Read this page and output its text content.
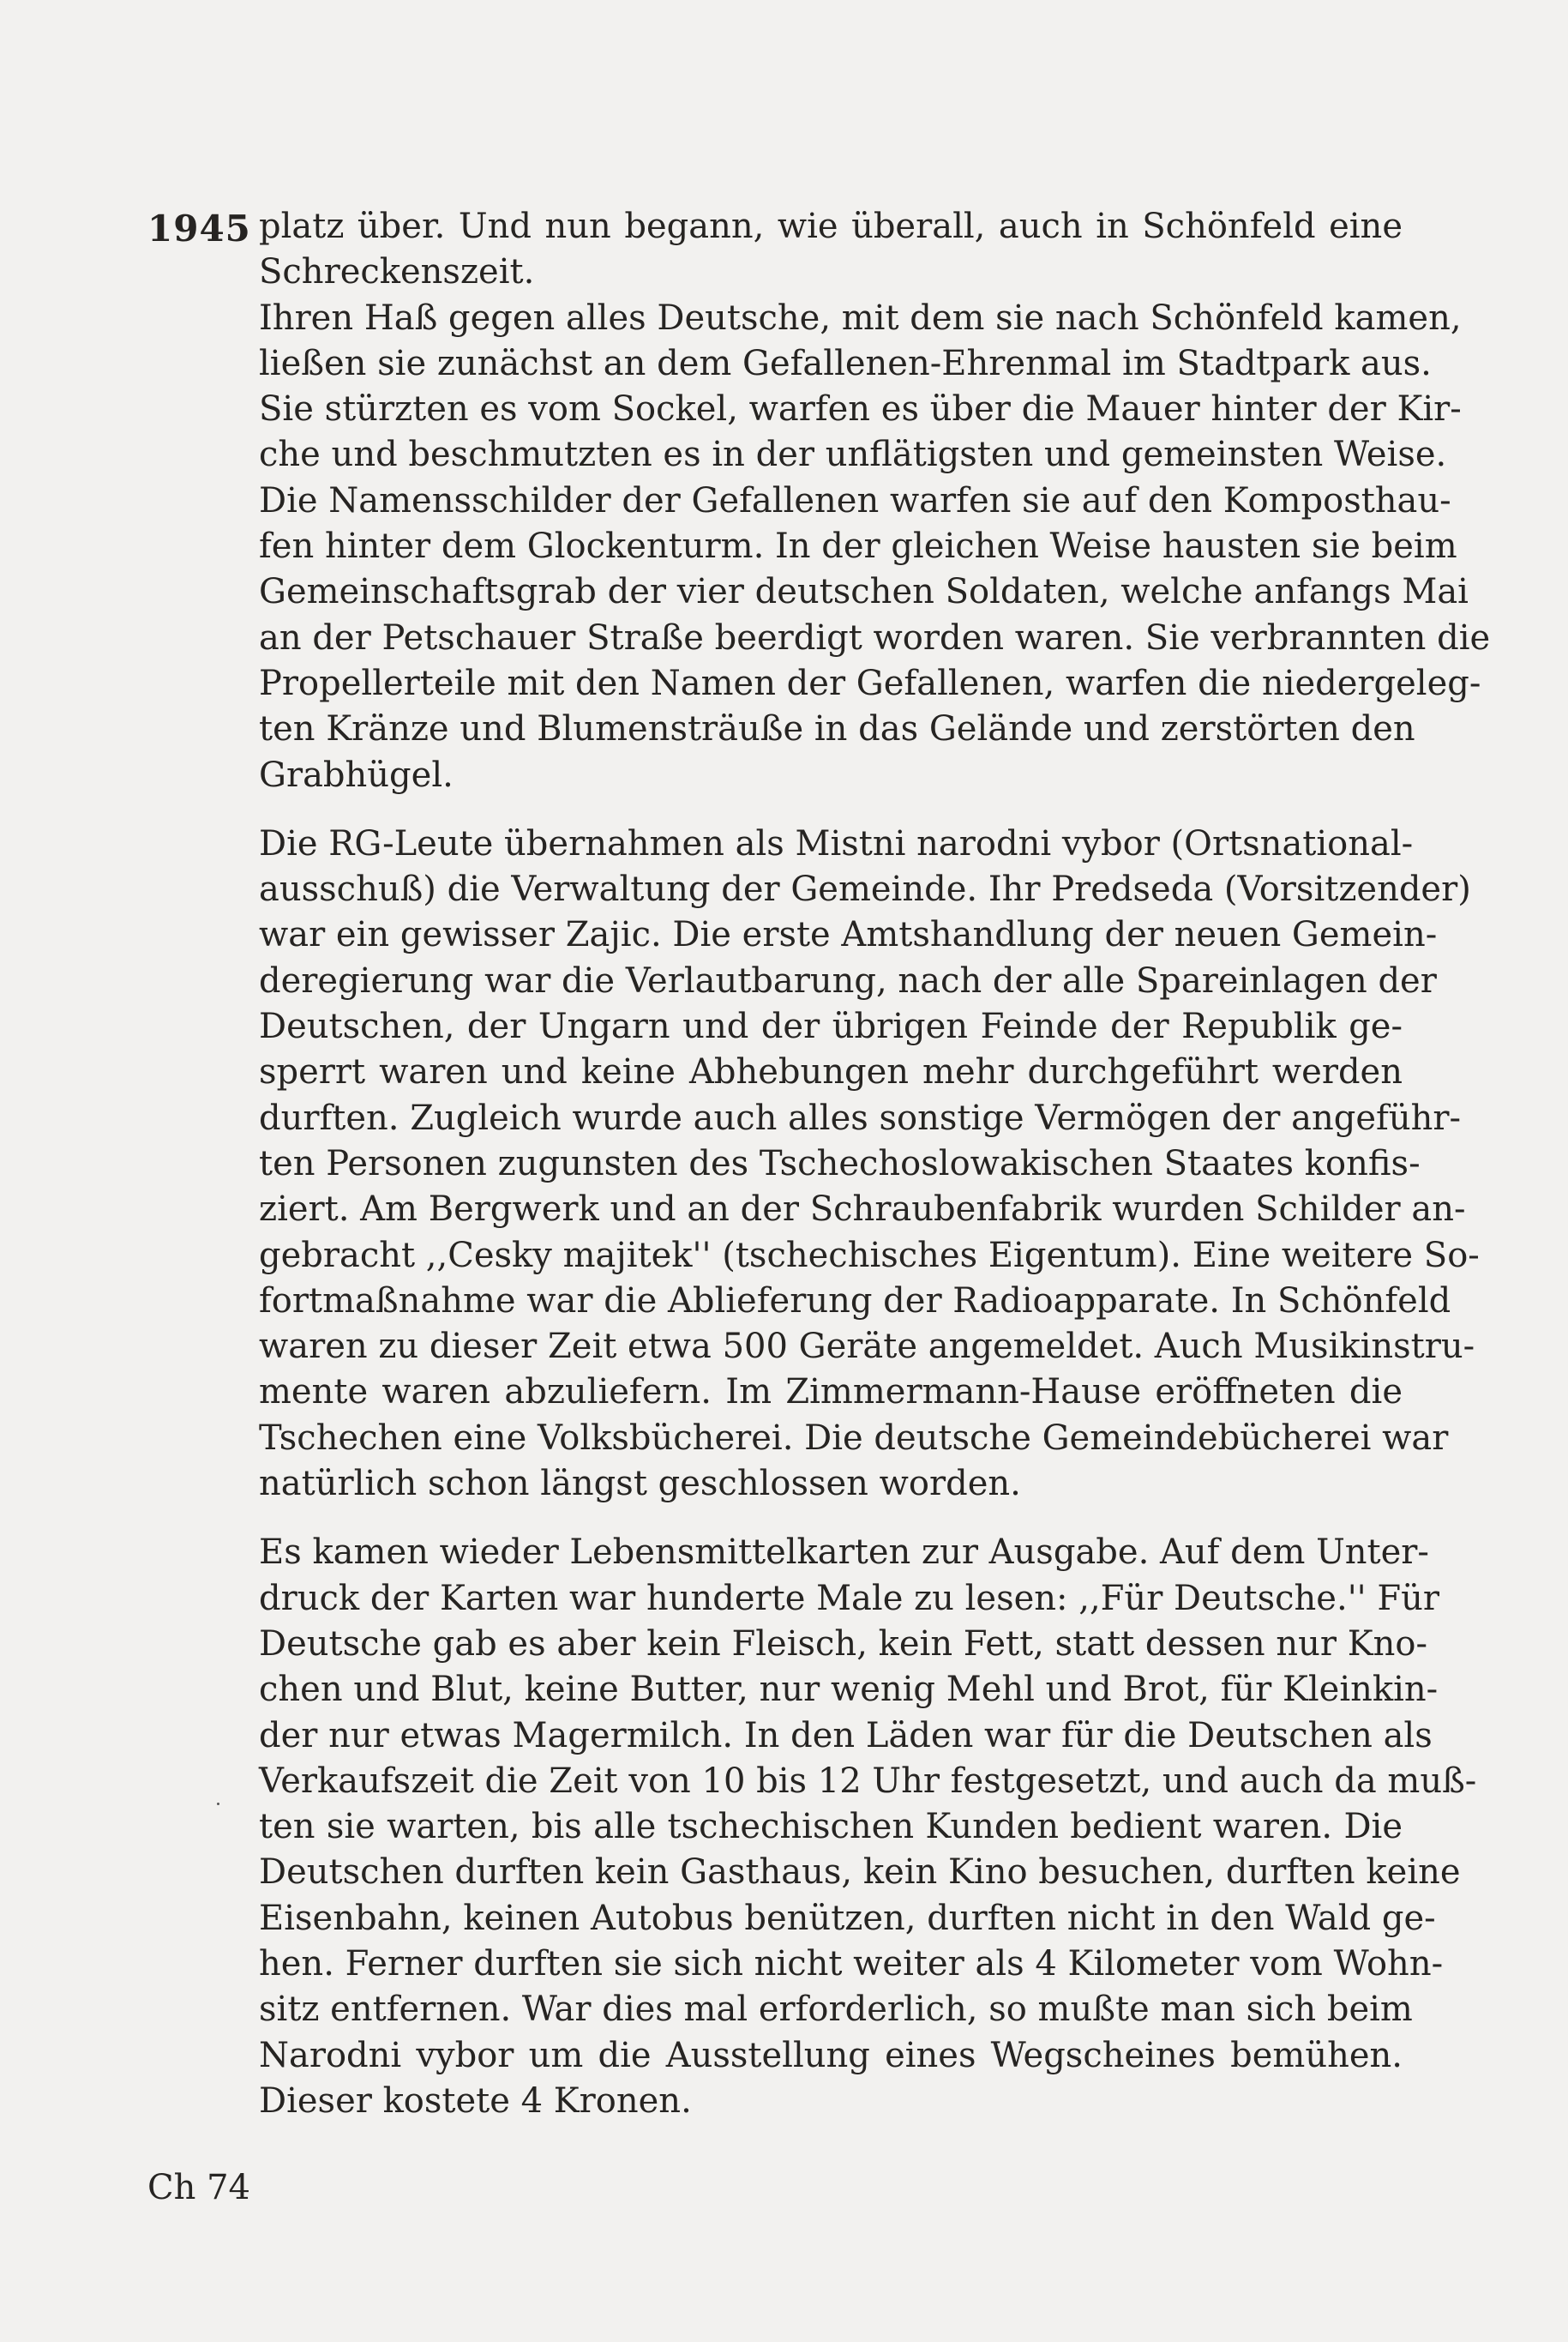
1945 platz über. Und nun begann, wie überall, auch in Schönfeld eine
Schreckenszeit.
Ihren Haß gegen alles Deutsche, mit dem sie nach Schönfeld kamen,
ließen sie zunächst an dem Gefallenen-Ehrenmal im Stadtpark aus.
Sie stürzten es vom Sockel, warfen es über die Mauer hinter der Kir-
che und beschmutzten es in der unflätigsten und gemeinsten Weise.
Die Namensschilder der Gefallenen warfen sie auf den Komposthau-
fen hinter dem Glockenturm. In der gleichen Weise hausten sie beim
Gemeinschaftsgrab der vier deutschen Soldaten, welche anfangs Mai
an der Petschauer Straße beerdigt worden waren. Sie verbrannten die
Propellerteile mit den Namen der Gefallenen, warfen die niedergeleg-
ten Kränze und Blumensträuße in das Gelände und zerstörten den
Grabhügel.
Die RG-Leute übernahmen als Mistni narodni vybor (Ortsnational-
ausschuß) die Verwaltung der Gemeinde. Ihr Predseda (Vorsitzender)
war ein gewisser Zajic. Die erste Amtshandlung der neuen Gemein-
deregierung war die Verlautbarung, nach der alle Spareinlagen der
Deutschen, der Ungarn und der übrigen Feinde der Republik ge-
sperrt waren und keine Abhebungen mehr durchgeführt werden
durften. Zugleich wurde auch alles sonstige Vermögen der angeführ-
ten Personen zugunsten des Tschechoslowakischen Staates konfis-
ziert. Am Bergwerk und an der Schraubenfabrik wurden Schilder an-
gebracht ,,Cesky majitek'' (tschechisches Eigentum). Eine weitere So-
fortmaßnahme war die Ablieferung der Radioapparate. In Schönfeld
waren zu dieser Zeit etwa 500 Geräte angemeldet. Auch Musikinstru-
mente waren abzuliefern. Im Zimmermann-Hause eröffneten die
Tschechen eine Volksbücherei. Die deutsche Gemeindebücherei war
natürlich schon längst geschlossen worden.
Es kamen wieder Lebensmittelkarten zur Ausgabe. Auf dem Unter-
druck der Karten war hunderte Male zu lesen: ,,Für Deutsche.'' Für
Deutsche gab es aber kein Fleisch, kein Fett, statt dessen nur Kno-
chen und Blut, keine Butter, nur wenig Mehl und Brot, für Kleinkin-
der nur etwas Magermilch. In den Läden war für die Deutschen als
Verkaufszeit die Zeit von 10 bis 12 Uhr festgesetzt, und auch da muß-
ten sie warten, bis alle tschechischen Kunden bedient waren. Die
Deutschen durften kein Gasthaus, kein Kino besuchen, durften keine
Eisenbahn, keinen Autobus benützen, durften nicht in den Wald ge-
hen. Ferner durften sie sich nicht weiter als 4 Kilometer vom Wohn-
sitz entfernen. War dies mal erforderlich, so mußte man sich beim
Narodni vybor um die Ausstellung eines Wegscheines bemühen.
Dieser kostete 4 Kronen.
Ch 74
